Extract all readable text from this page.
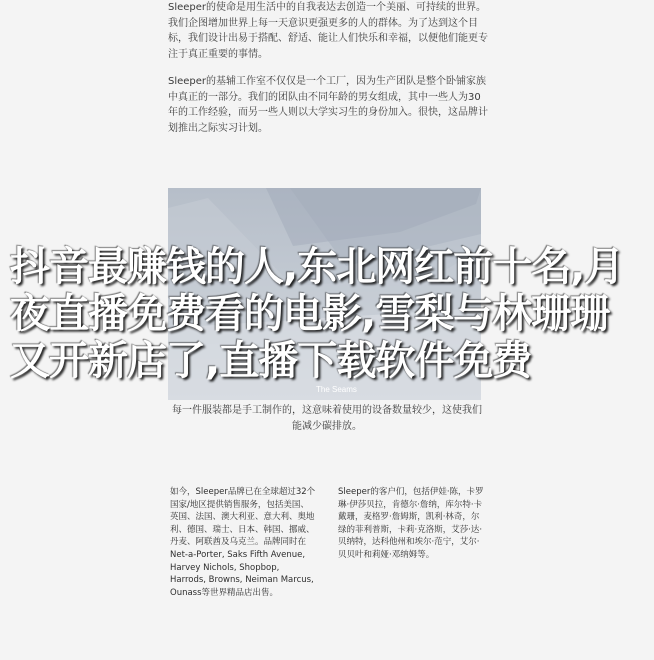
Sleeper的使命是用生活中的自我表达去创造一个美丽、可持续的世界。我们企图增加世界上每一天意识更强更多的人的群体。为了达到这个目标，我们设计出易于搭配、舒适、能让人们快乐和幸福，以便他们能更专注于真正重要的事情。

Sleeper的基辅工作室不仅仅是一个工厂，因为生产团队是整个卧铺家族中真正的一部分。我们的团队由不同年龄的男女组成，其中一些人为30年的工作经验，而另一些人则以大学实习生的身份加入。很快，这品牌计划推出之际实习计划。

The Seams

抖音最赚钱的人,东北网红前十名,月夜直播免费看的电影,雪梨与林珊珊又开新店了,直播下载软件免费

每一件服装都是手工制作的，这意味着使用的设备数量较少，这使我们能减少碳排放。

如今，Sleeper品牌已在全球超过32个国家/地区提供销售服务，包括美国、英国、法国、澳大利亚、意大利、奥地利、德国、瑞士、日本、韩国、挪威、丹麦、阿联酋及乌克兰。品牌同时在Net-a-Porter, Saks Fifth Avenue, Harvey Nichols, Shopbop, Harrods, Browns, Neiman Marcus, Ounass等世界精品店出售。

Sleeper的客户们，包括伊娃·陈，卡罗琳·伊莎贝拉，肯德尔·詹纳，库尔特·卡戴珊，麦格罗·詹姆斯，凯利·林奇，尔绿的菲利普斯，卡莉·克洛斯，艾莎·达·贝纳特，达科他州和埃尔·范宁，艾尔·贝贝叶和莉娅·邓纳姆等。
